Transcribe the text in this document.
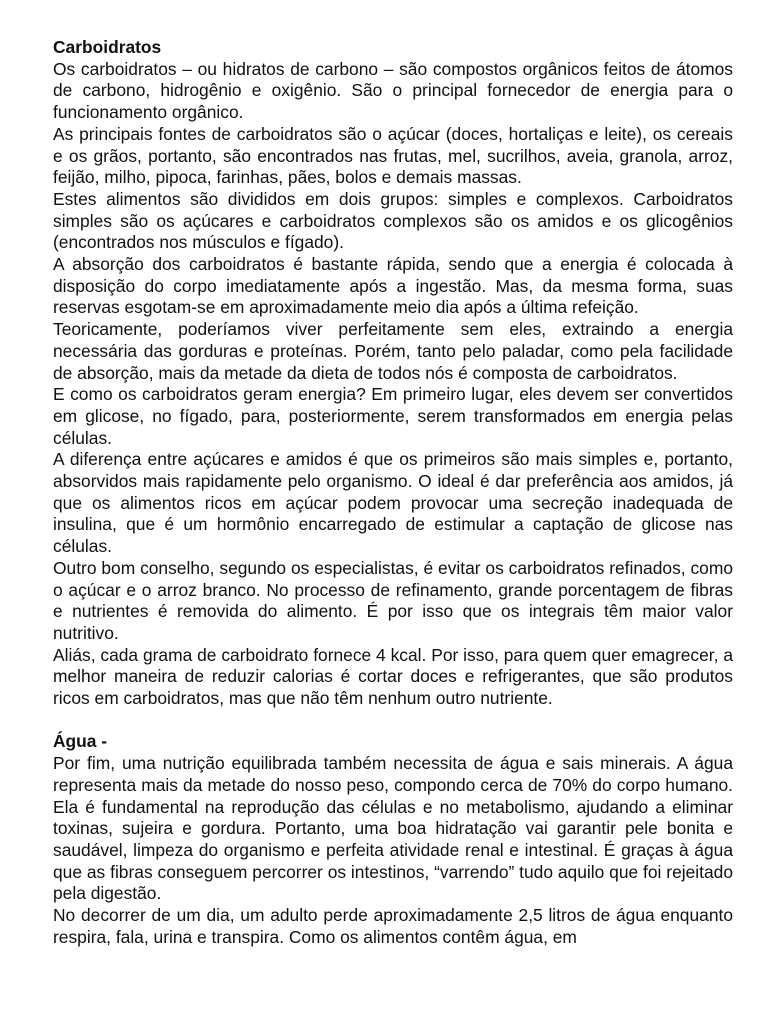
Carboidratos

Os carboidratos – ou hidratos de carbono – são compostos orgânicos feitos de átomos de carbono, hidrogênio e oxigênio. São o principal fornecedor de energia para o funcionamento orgânico.

As principais fontes de carboidratos são o açúcar (doces, hortaliças e leite), os cereais e os grãos, portanto, são encontrados nas frutas, mel, sucrilhos, aveia, granola, arroz, feijão, milho, pipoca, farinhas, pães, bolos e demais massas.

Estes alimentos são divididos em dois grupos: simples e complexos. Carboidratos simples são os açúcares e carboidratos complexos são os amidos e os glicogênios (encontrados nos músculos e fígado).

A absorção dos carboidratos é bastante rápida, sendo que a energia é colocada à disposição do corpo imediatamente após a ingestão. Mas, da mesma forma, suas reservas esgotam-se em aproximadamente meio dia após a última refeição.

Teoricamente, poderíamos viver perfeitamente sem eles, extraindo a energia necessária das gorduras e proteínas. Porém, tanto pelo paladar, como pela facilidade de absorção, mais da metade da dieta de todos nós é composta de carboidratos.

E como os carboidratos geram energia? Em primeiro lugar, eles devem ser convertidos em glicose, no fígado, para, posteriormente, serem transformados em energia pelas células.

A diferença entre açúcares e amidos é que os primeiros são mais simples e, portanto, absorvidos mais rapidamente pelo organismo. O ideal é dar preferência aos amidos, já que os alimentos ricos em açúcar podem provocar uma secreção inadequada de insulina, que é um hormônio encarregado de estimular a captação de glicose nas células.

Outro bom conselho, segundo os especialistas, é evitar os carboidratos refinados, como o açúcar e o arroz branco. No processo de refinamento, grande porcentagem de fibras e nutrientes é removida do alimento. É por isso que os integrais têm maior valor nutritivo.

Aliás, cada grama de carboidrato fornece 4 kcal. Por isso, para quem quer emagrecer, a melhor maneira de reduzir calorias é cortar doces e refrigerantes, que são produtos ricos em carboidratos, mas que não têm nenhum outro nutriente.

Água -

Por fim, uma nutrição equilibrada também necessita de água e sais minerais. A água representa mais da metade do nosso peso, compondo cerca de 70% do corpo humano. Ela é fundamental na reprodução das células e no metabolismo, ajudando a eliminar toxinas, sujeira e gordura. Portanto, uma boa hidratação vai garantir pele bonita e saudável, limpeza do organismo e perfeita atividade renal e intestinal. É graças à água que as fibras conseguem percorrer os intestinos, “varrendo” tudo aquilo que foi rejeitado pela digestão.

No decorrer de um dia, um adulto perde aproximadamente 2,5 litros de água enquanto respira, fala, urina e transpira. Como os alimentos contêm água, em
